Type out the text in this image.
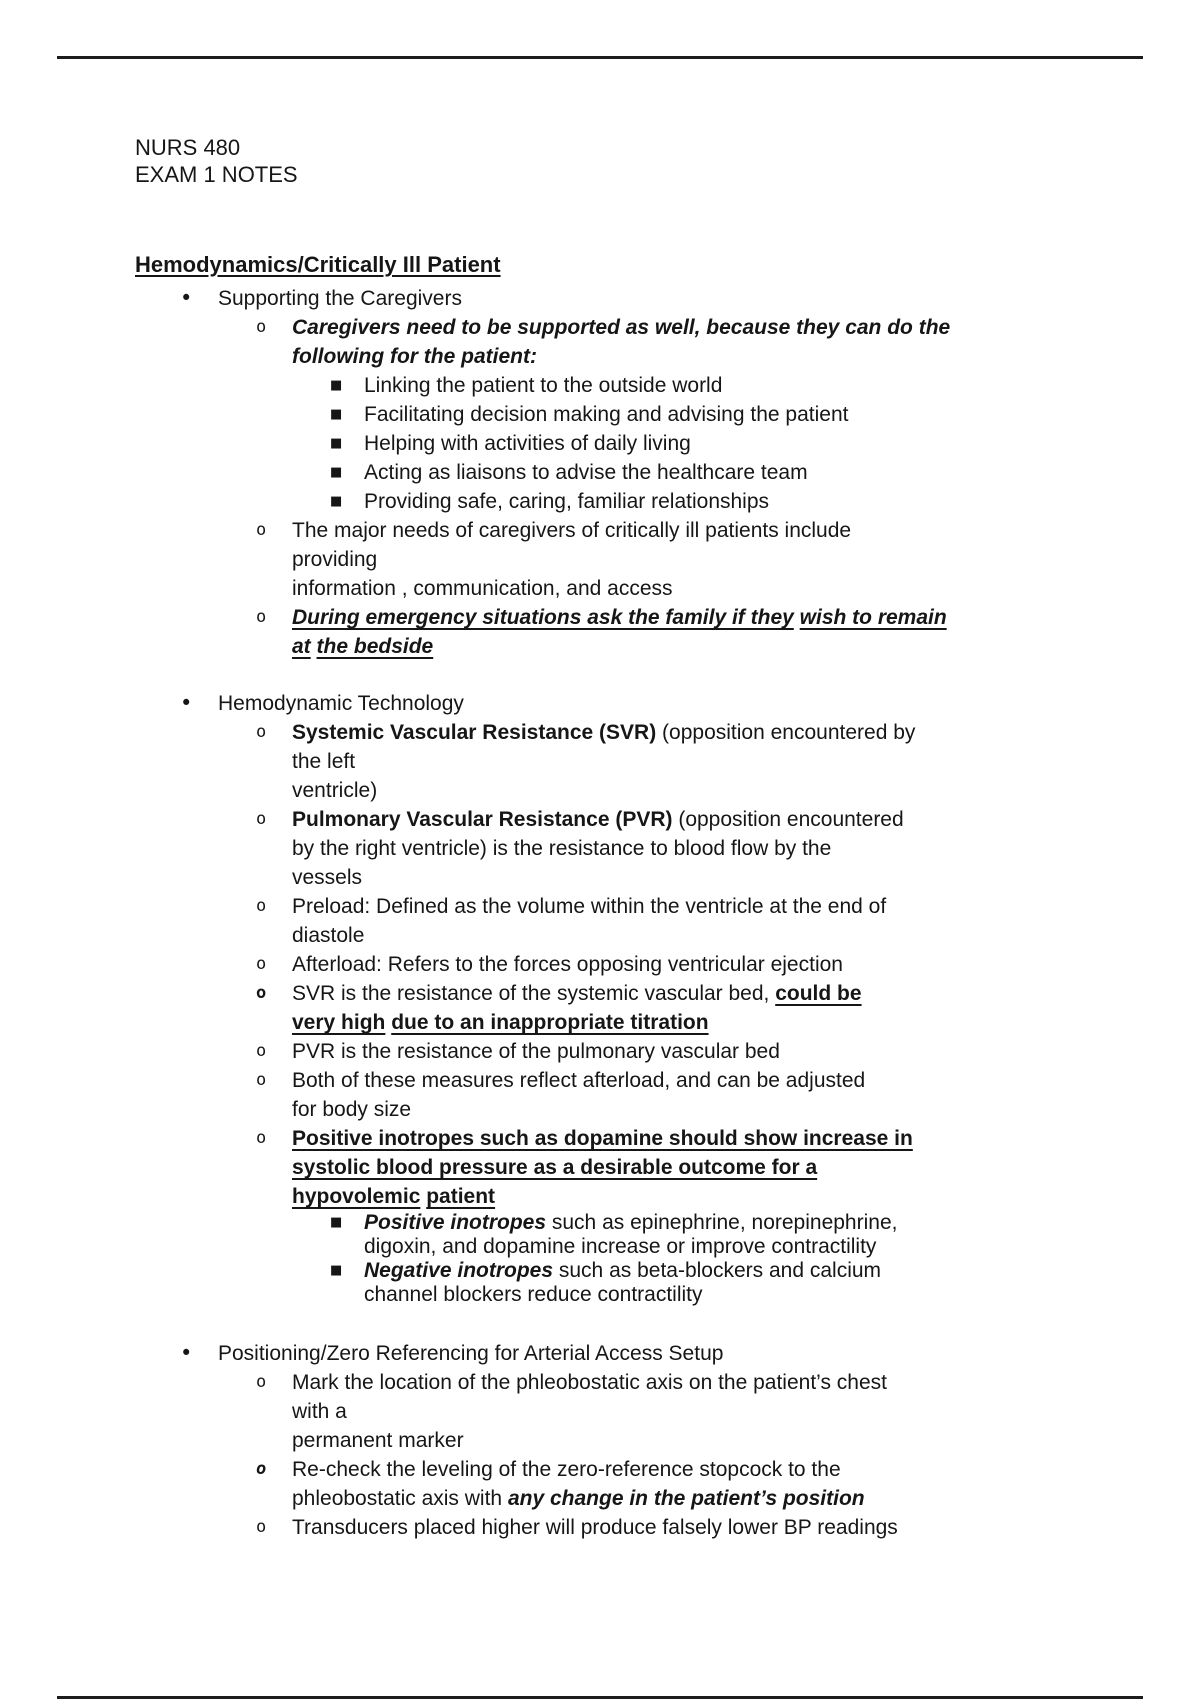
NURS 480
EXAM 1 NOTES
Hemodynamics/Critically Ill Patient
•	Supporting the Caregivers
o	Caregivers need to be supported as well, because they can do the
following for the patient:
■	Linking the patient to the outside world
■	Facilitating decision making and advising the patient
■	Helping with activities of daily living
■	Acting as liaisons to advise the healthcare team
■	Providing safe, caring, familiar relationships
o	The major needs of caregivers of critically ill patients include
providing
information , communication, and access
o	During emergency situations ask the family if they wish to remain
at the bedside
•	Hemodynamic Technology
o	Systemic Vascular Resistance (SVR) (opposition encountered by
the left
ventricle)
o	Pulmonary Vascular Resistance (PVR) (opposition encountered
by the right ventricle) is the resistance to blood flow by the
vessels
o	Preload: Defined as the volume within the ventricle at the end of
diastole
o	Afterload: Refers to the forces opposing ventricular ejection
o	SVR is the resistance of the systemic vascular bed, could be
very high due to an inappropriate titration
o	PVR is the resistance of the pulmonary vascular bed
o	Both of these measures reflect afterload, and can be adjusted
for body size
o	Positive inotropes such as dopamine should show increase in
systolic blood pressure as a desirable outcome for a
hypovolemic patient
■	Positive inotropes such as epinephrine, norepinephrine,
digoxin, and dopamine increase or improve contractility
■	Negative inotropes such as beta-blockers and calcium
channel blockers reduce contractility
•	Positioning/Zero Referencing for Arterial Access Setup
o	Mark the location of the phleobostatic axis on the patient’s chest
with a
permanent marker
o	Re-check the leveling of the zero-reference stopcock to the
phleobostatic axis with any change in the patient’s position
o	Transducers placed higher will produce falsely lower BP readings
